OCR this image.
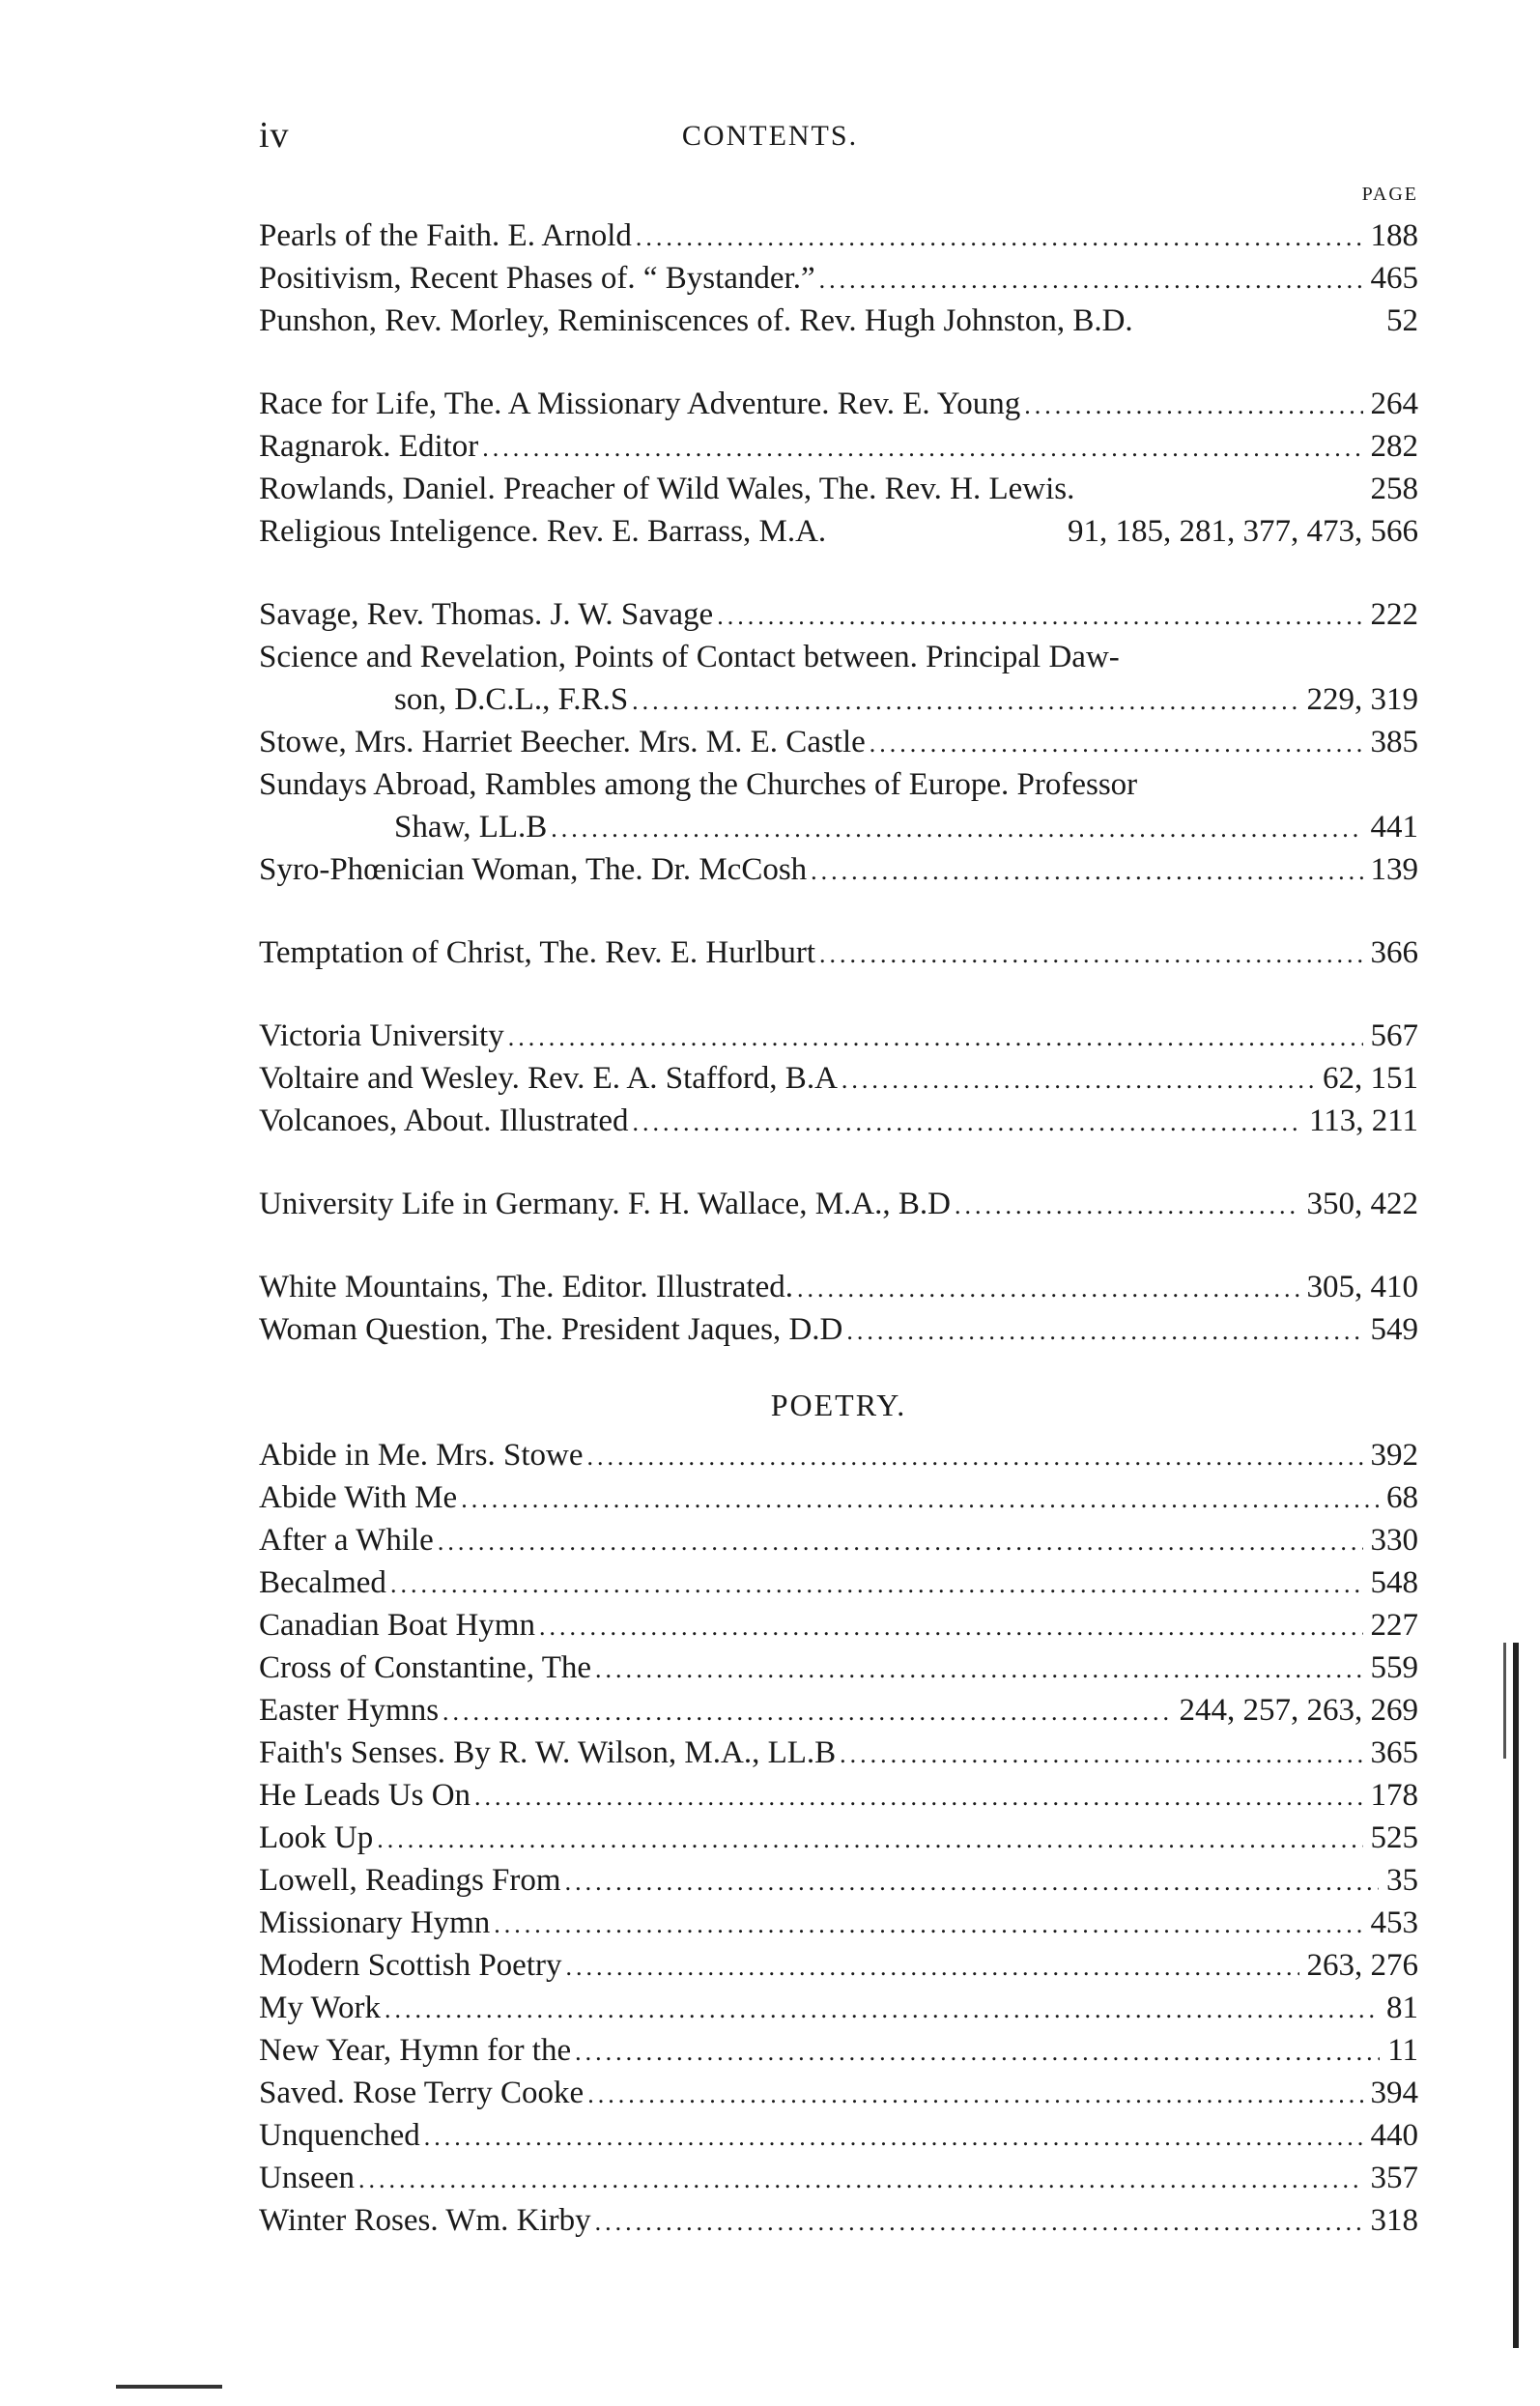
iv	CONTENTS.
PAGE
Pearls of the Faith. E. Arnold .....	188
Positivism, Recent Phases of. “ Bystander.” .....	465
Punshon, Rev. Morley, Reminiscences of. Rev. Hugh Johnston, B.D.	52
Race for Life, The. A Missionary Adventure. Rev. E. Young .....	264
Ragnarok. Editor .....	282
Rowlands, Daniel. Preacher of Wild Wales, The. Rev. H. Lewis.	258
Religious Inteligence. Rev. E. Barrass, M.A.	91, 185, 281, 377, 473, 566
Savage, Rev. Thomas. J. W. Savage .....	222
Science and Revelation, Points of Contact between. Principal Daw-
son, D.C.L., F.R.S .....	229, 319
Stowe, Mrs. Harriet Beecher. Mrs. M. E. Castle .....	385
Sundays Abroad, Rambles among the Churches of Europe. Professor
Shaw, LL.B .....	441
Syro-Phœnician Woman, The. Dr. McCosh .....	139
Temptation of Christ, The. Rev. E. Hurlburt .....	366
Victoria University .....	567
Voltaire and Wesley. Rev. E. A. Stafford, B.A .....	62, 151
Volcanoes, About. Illustrated .....	113, 211
University Life in Germany. F. H. Wallace, M.A., B.D .....	350, 422
White Mountains, The. Editor. Illustrated. .....	305, 410
Woman Question, The. President Jaques, D.D .....	549
POETRY.
Abide in Me. Mrs. Stowe .....	392
Abide With Me .....	68
After a While .....	330
Becalmed .....	548
Canadian Boat Hymn .....	227
Cross of Constantine, The .....	559
Easter Hymns .....	244, 257, 263, 269
Faith's Senses. By R. W. Wilson, M.A., LL.B .....	365
He Leads Us On .....	178
Look Up .....	525
Lowell, Readings From .....	35
Missionary Hymn .....	453
Modern Scottish Poetry .....	263, 276
My Work .....	81
New Year, Hymn for the .....	11
Saved. Rose Terry Cooke .....	394
Unquenched .....	440
Unseen .....	357
Winter Roses. Wm. Kirby .....	318
